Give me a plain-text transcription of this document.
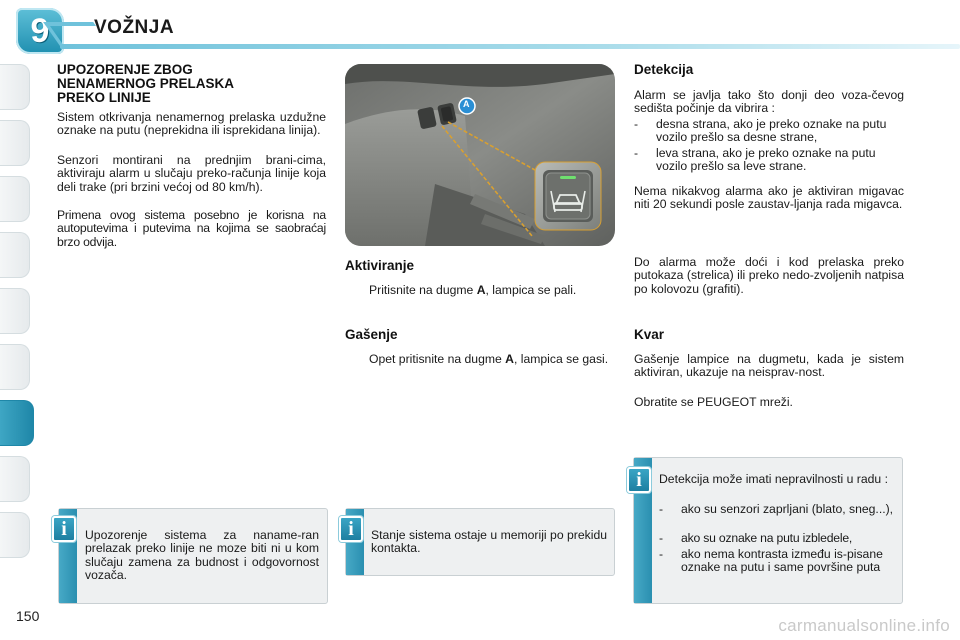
9 VOŽNJA
UPOZORENJE ZBOG
NENAMERNOG PRELASKA
PREKO LINIJE
Sistem otkrivanja nenamernog prelaska uzdužne oznake na putu (neprekidna ili isprekidana linija).
Senzori montirani na prednjim brani-cima, aktiviraju alarm u slučaju preko-računja linije koja deli trake (pri brzini većoj od 80 km/h).
Primena ovog sistema posebno je korisna na autoputevima i putevima na kojima se saobraćaj brzo odvija.
A
Aktiviranje
Pritisnite na dugme A, lampica se pali.
Gašenje
Opet pritisnite na dugme A, lampica se gasi.
Detekcija
Alarm se javlja tako što donji deo voza-čevog sedišta počinje da vibrira :
-	desna strana, ako je preko oznake na putu vozilo prešlo sa desne strane,
-	leva strana, ako je preko oznake na putu vozilo prešlo sa leve strane.
Nema nikakvog alarma ako je aktiviran migavac niti 20 sekundi posle zaustav-ljanja rada migavca.
Do alarma može doći i kod prelaska preko putokaza (strelica) ili preko nedo-zvoljenih natpisa po kolovozu (grafiti).
Kvar
Gašenje lampice na dugmetu, kada je sistem aktiviran, ukazuje na neisprav-nost.
Obratite se PEUGEOT mreži.
Upozorenje sistema za naname-ran prelazak preko linije ne moze biti ni u kom slučaju zamena za budnost i odgovornost vozača.
i	Stanje sistema ostaje u memoriji po prekidu kontakta.
i
Detekcija može imati nepravilnosti u radu :
-	ako su senzori zaprljani (blato, sneg...),
-	ako su oznake na putu izbledele,
-	ako nema kontrasta između is-pisane oznake na putu i same površine puta
i
150	carmanualsonline.info
